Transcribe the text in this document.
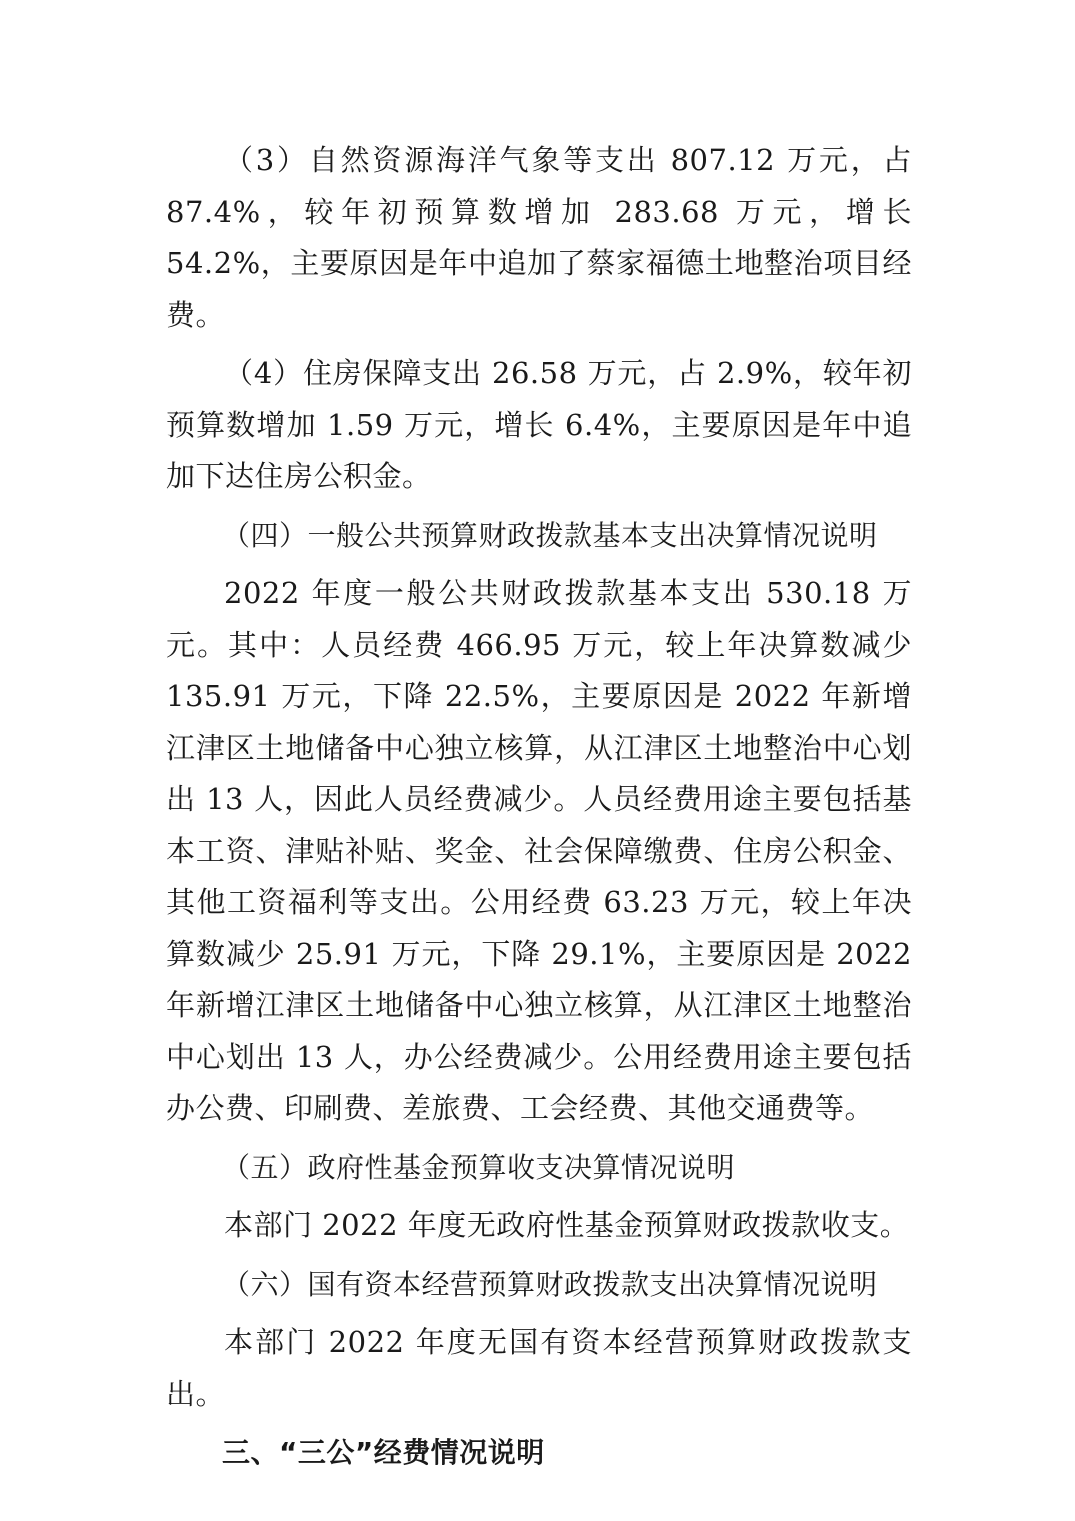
（3）自然资源海洋气象等支出 807.12 万元，占 87.4%，较年初预算数增加 283.68 万元，增长 54.2%，主要原因是年中追加了蔡家福德土地整治项目经费。

（4）住房保障支出 26.58 万元，占 2.9%，较年初预算数增加 1.59 万元，增长 6.4%，主要原因是年中追加下达住房公积金。

（四）一般公共预算财政拨款基本支出决算情况说明

2022 年度一般公共财政拨款基本支出 530.18 万元。其中：人员经费 466.95 万元，较上年决算数减少 135.91 万元，下降 22.5%，主要原因是 2022 年新增江津区土地储备中心独立核算，从江津区土地整治中心划出 13 人，因此人员经费减少。人员经费用途主要包括基本工资、津贴补贴、奖金、社会保障缴费、住房公积金、其他工资福利等支出。公用经费 63.23 万元，较上年决算数减少 25.91 万元，下降 29.1%，主要原因是 2022 年新增江津区土地储备中心独立核算，从江津区土地整治中心划出 13 人，办公经费减少。公用经费用途主要包括办公费、印刷费、差旅费、工会经费、其他交通费等。

（五）政府性基金预算收支决算情况说明

本部门 2022 年度无政府性基金预算财政拨款收支。

（六）国有资本经营预算财政拨款支出决算情况说明

本部门 2022 年度无国有资本经营预算财政拨款支出。

三、“三公”经费情况说明
